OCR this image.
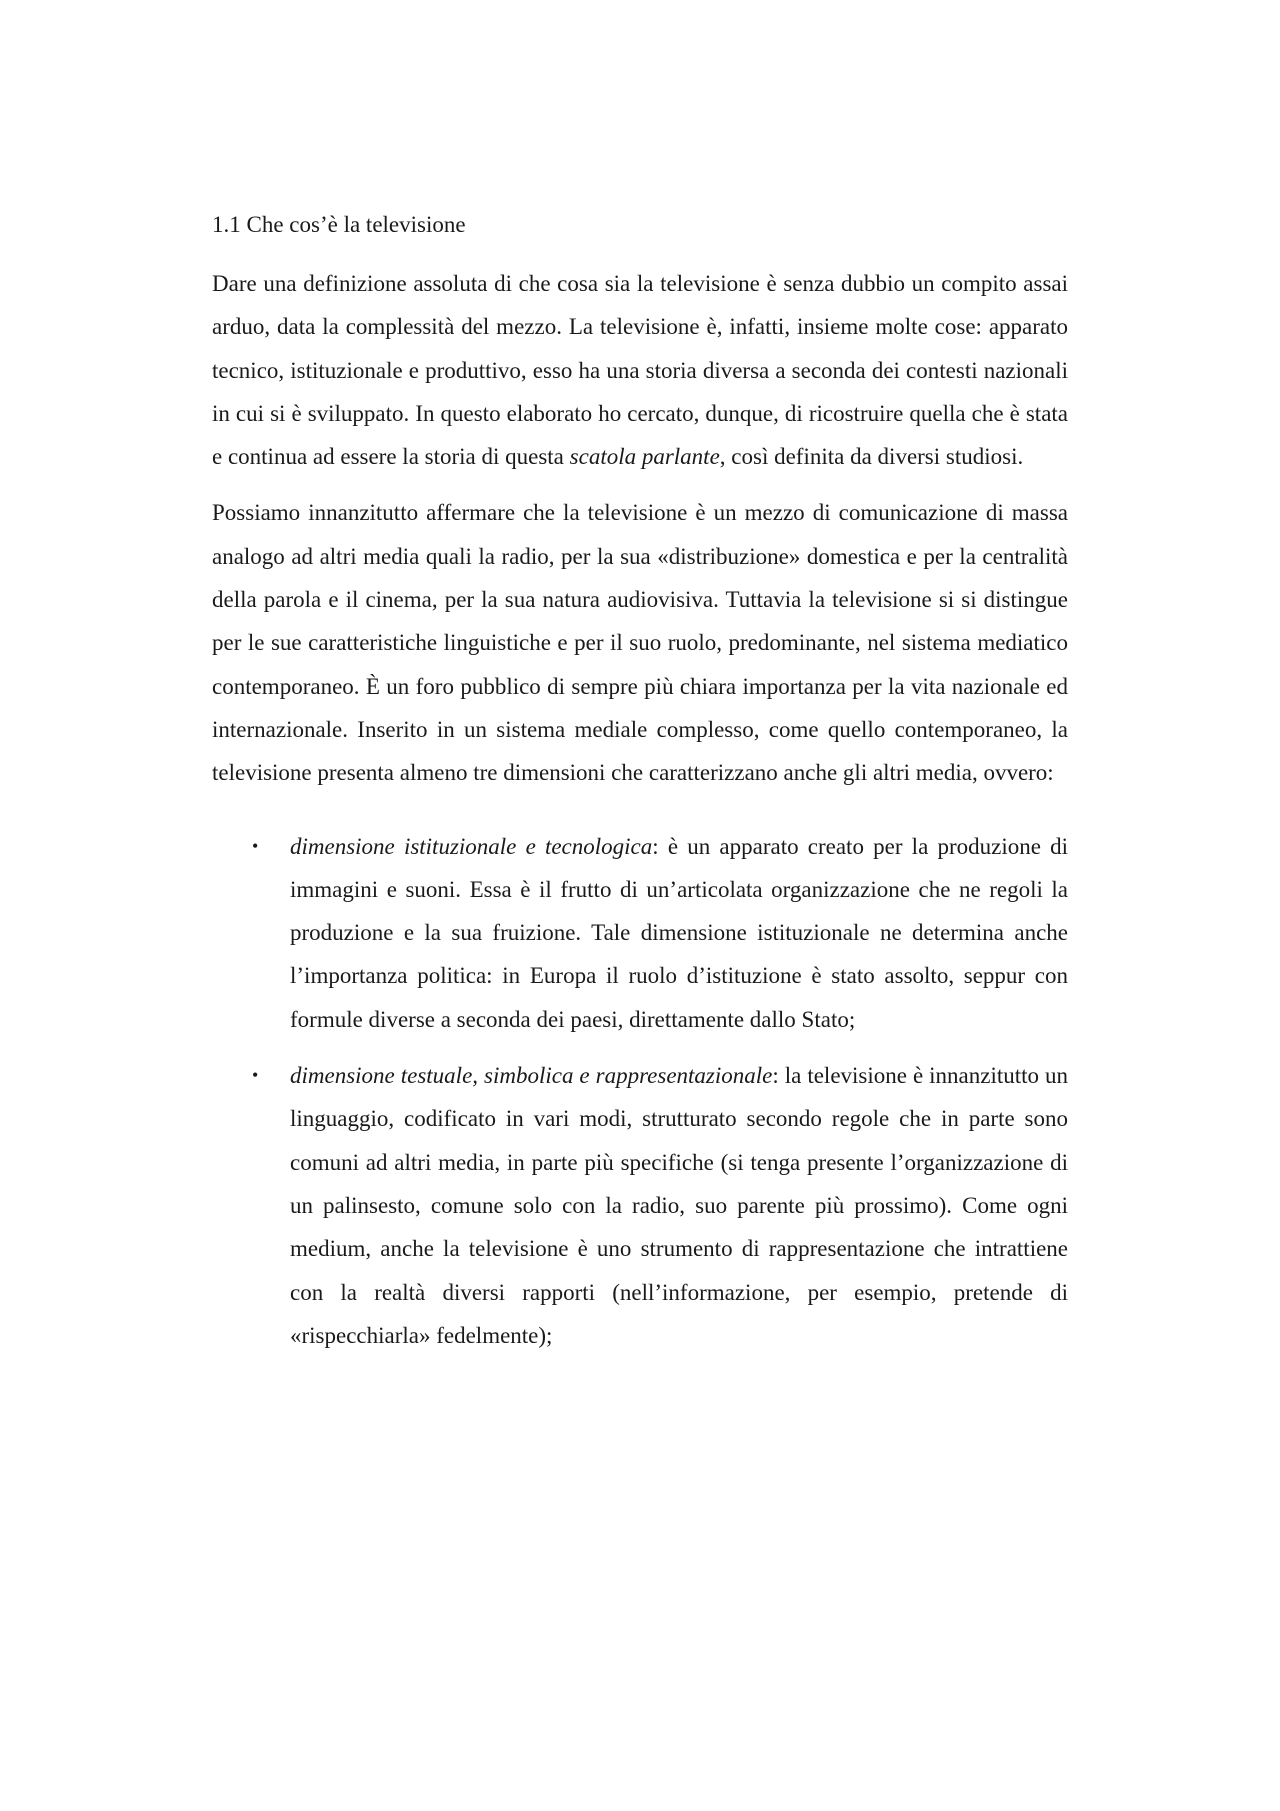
1.1 Che cos’è la televisione

Dare una definizione assoluta di che cosa sia la televisione è senza dubbio un compito assai arduo, data la complessità del mezzo. La televisione è, infatti, insieme molte cose: apparato tecnico, istituzionale e produttivo, esso ha una storia diversa a seconda dei contesti nazionali in cui si è sviluppato. In questo elaborato ho cercato, dunque, di ricostruire quella che è stata e continua ad essere la storia di questa scatola parlante, così definita da diversi studiosi.

Possiamo innanzitutto affermare che la televisione è un mezzo di comunicazione di massa analogo ad altri media quali la radio, per la sua «distribuzione» domestica e per la centralità della parola e il cinema, per la sua natura audiovisiva. Tuttavia la televisione si si distingue per le sue caratteristiche linguistiche e per il suo ruolo, predominante, nel sistema mediatico contemporaneo. È un foro pubblico di sempre più chiara importanza per la vita nazionale ed internazionale. Inserito in un sistema mediale complesso, come quello contemporaneo, la televisione presenta almeno tre dimensioni che caratterizzano anche gli altri media, ovvero:

• dimensione istituzionale e tecnologica: è un apparato creato per la produzione di immagini e suoni. Essa è il frutto di un’articolata organizzazione che ne regoli la produzione e la sua fruizione. Tale dimensione istituzionale ne determina anche l’importanza politica: in Europa il ruolo d’istituzione è stato assolto, seppur con formule diverse a seconda dei paesi, direttamente dallo Stato;
• dimensione testuale, simbolica e rappresentazionale: la televisione è innanzitutto un linguaggio, codificato in vari modi, strutturato secondo regole che in parte sono comuni ad altri media, in parte più specifiche (si tenga presente l’organizzazione di un palinsesto, comune solo con la radio, suo parente più prossimo). Come ogni medium, anche la televisione è uno strumento di rappresentazione che intrattiene con la realtà diversi rapporti (nell’informazione, per esempio, pretende di «rispecchiarla» fedelmente);
